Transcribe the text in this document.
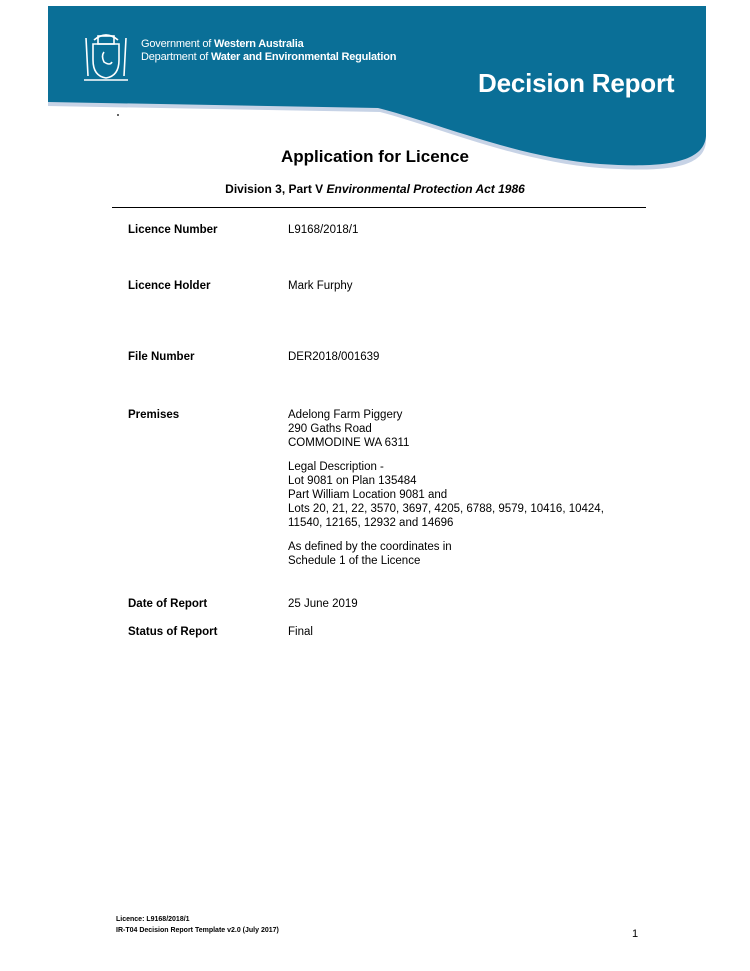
Government of Western Australia
Department of Water and Environmental Regulation
Decision Report
Application for Licence
Division 3, Part V Environmental Protection Act 1986
Licence Number	L9168/2018/1
Licence Holder	Mark Furphy
File Number	DER2018/001639
Premises	Adelong Farm Piggery
290 Gaths Road
COMMODINE WA 6311
Legal Description -
Lot 9081 on Plan 135484
Part William Location 9081 and
Lots 20, 21, 22, 3570, 3697, 4205, 6788, 9579, 10416, 10424,
11540, 12165, 12932 and 14696
As defined by the coordinates in
Schedule 1 of the Licence
Date of Report	25 June 2019
Status of Report	Final
Licence: L9168/2018/1
IR-T04 Decision Report Template v2.0 (July 2017)	1
